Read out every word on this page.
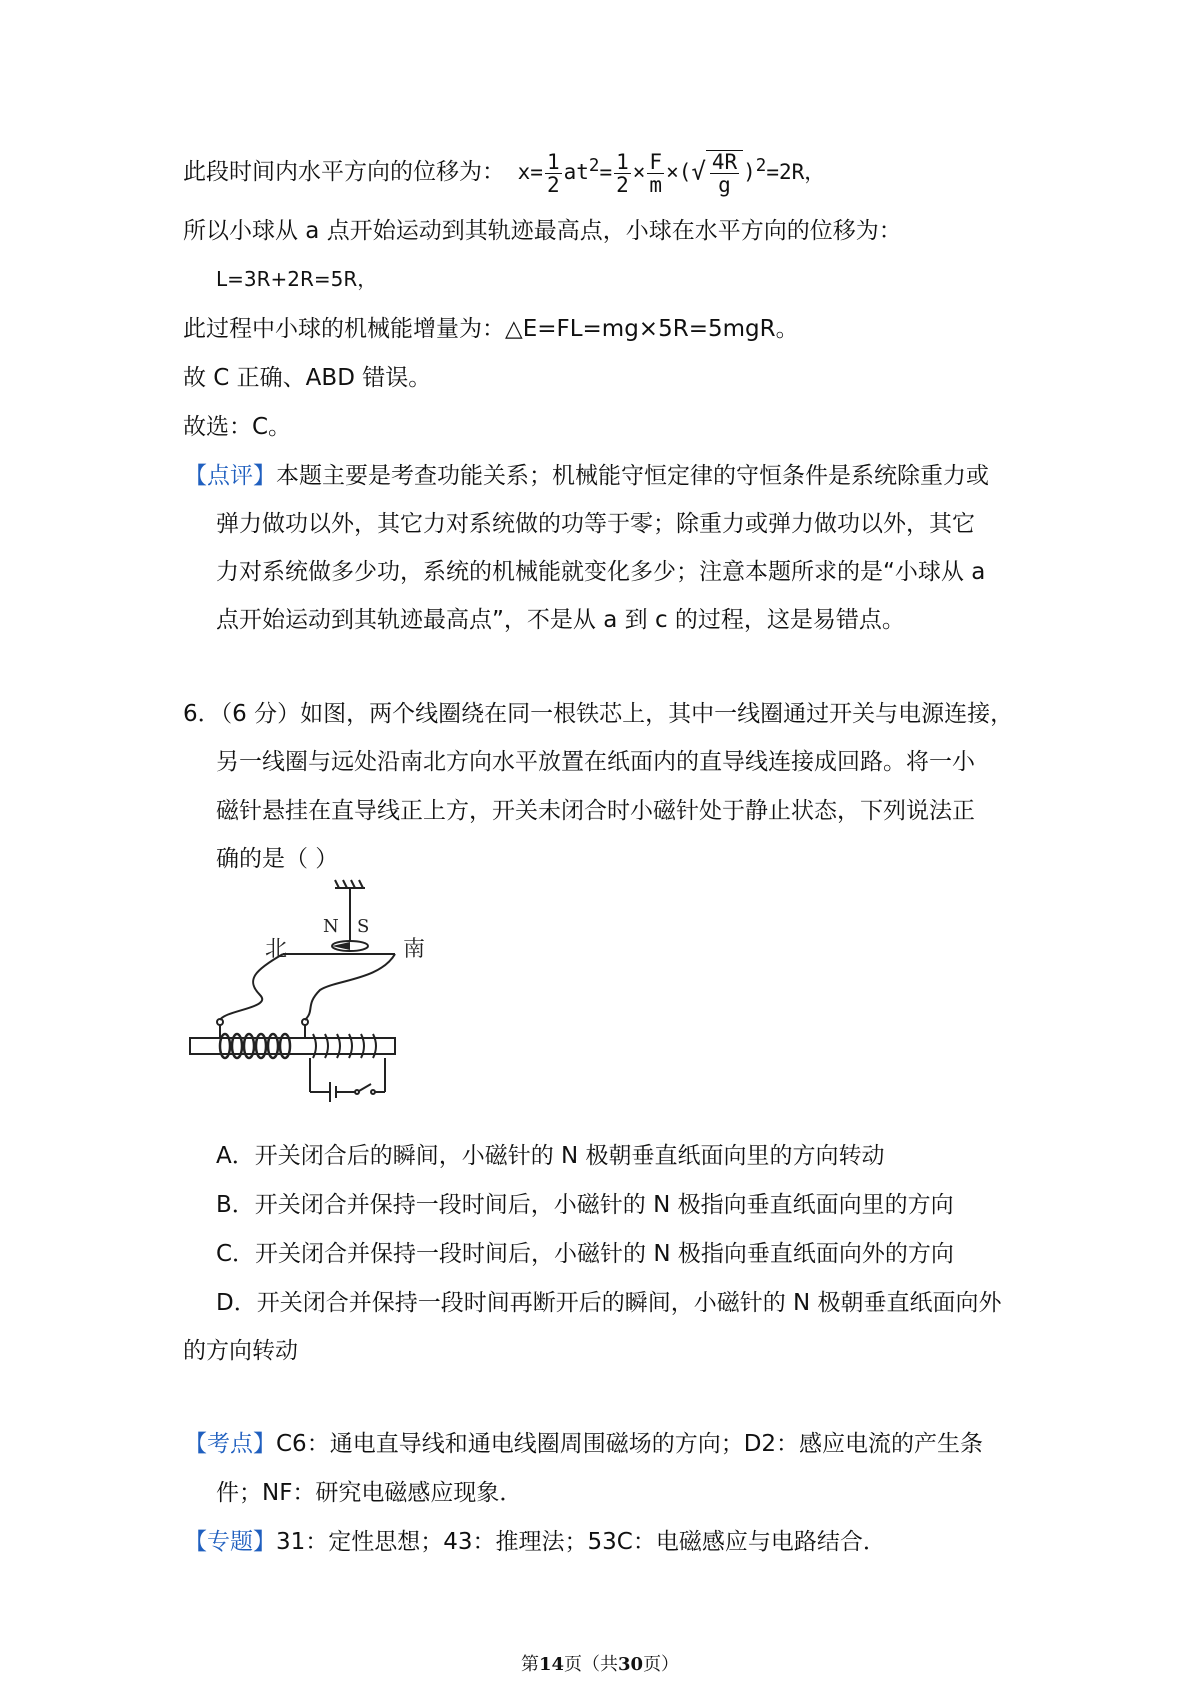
此段时间内水平方向的位移为： $x= \frac{1}{2} at^2= \frac{1}{2} \times \frac{F}{m}$ ×(√ $\frac{4R}{g} )^2=2R$，
所以小球从 a 点开始运动到其轨迹最高点，小球在水平方向的位移为：
L=3R+2R=5R，
此过程中小球的机械能增量为：△E=FL=mg×5R=5mgR。
故 C 正确、ABD 错误。
故选：C。
【点评】本题主要是考查功能关系；机械能守恒定律的守恒条件是系统除重力或
弹力做功以外，其它力对系统做的功等于零；除重力或弹力做功以外，其它
力对系统做多少功，系统的机械能就变化多少；注意本题所求的是“小球从 a
点开始运动到其轨迹最高点”，不是从 a 到 c 的过程，这是易错点。
6．（6 分）如图，两个线圈绕在同一根铁芯上，其中一线圈通过开关与电源连接，
另一线圈与远处沿南北方向水平放置在纸面内的直导线连接成回路。将一小
磁针悬挂在直导线正上方，开关未闭合时小磁针处于静止状态，下列说法正
确的是（ ）
N S
北	南
A．开关闭合后的瞬间，小磁针的 N 极朝垂直纸面向里的方向转动
B．开关闭合并保持一段时间后，小磁针的 N 极指向垂直纸面向里的方向
C．开关闭合并保持一段时间后，小磁针的 N 极指向垂直纸面向外的方向
D．开关闭合并保持一段时间再断开后的瞬间，小磁针的 N 极朝垂直纸面向外
的方向转动
【考点】C6：通电直导线和通电线圈周围磁场的方向；D2：感应电流的产生条
件；NF：研究电磁感应现象．
【专题】31：定性思想；43：推理法；53C：电磁感应与电路结合．
第14页（共30页）
